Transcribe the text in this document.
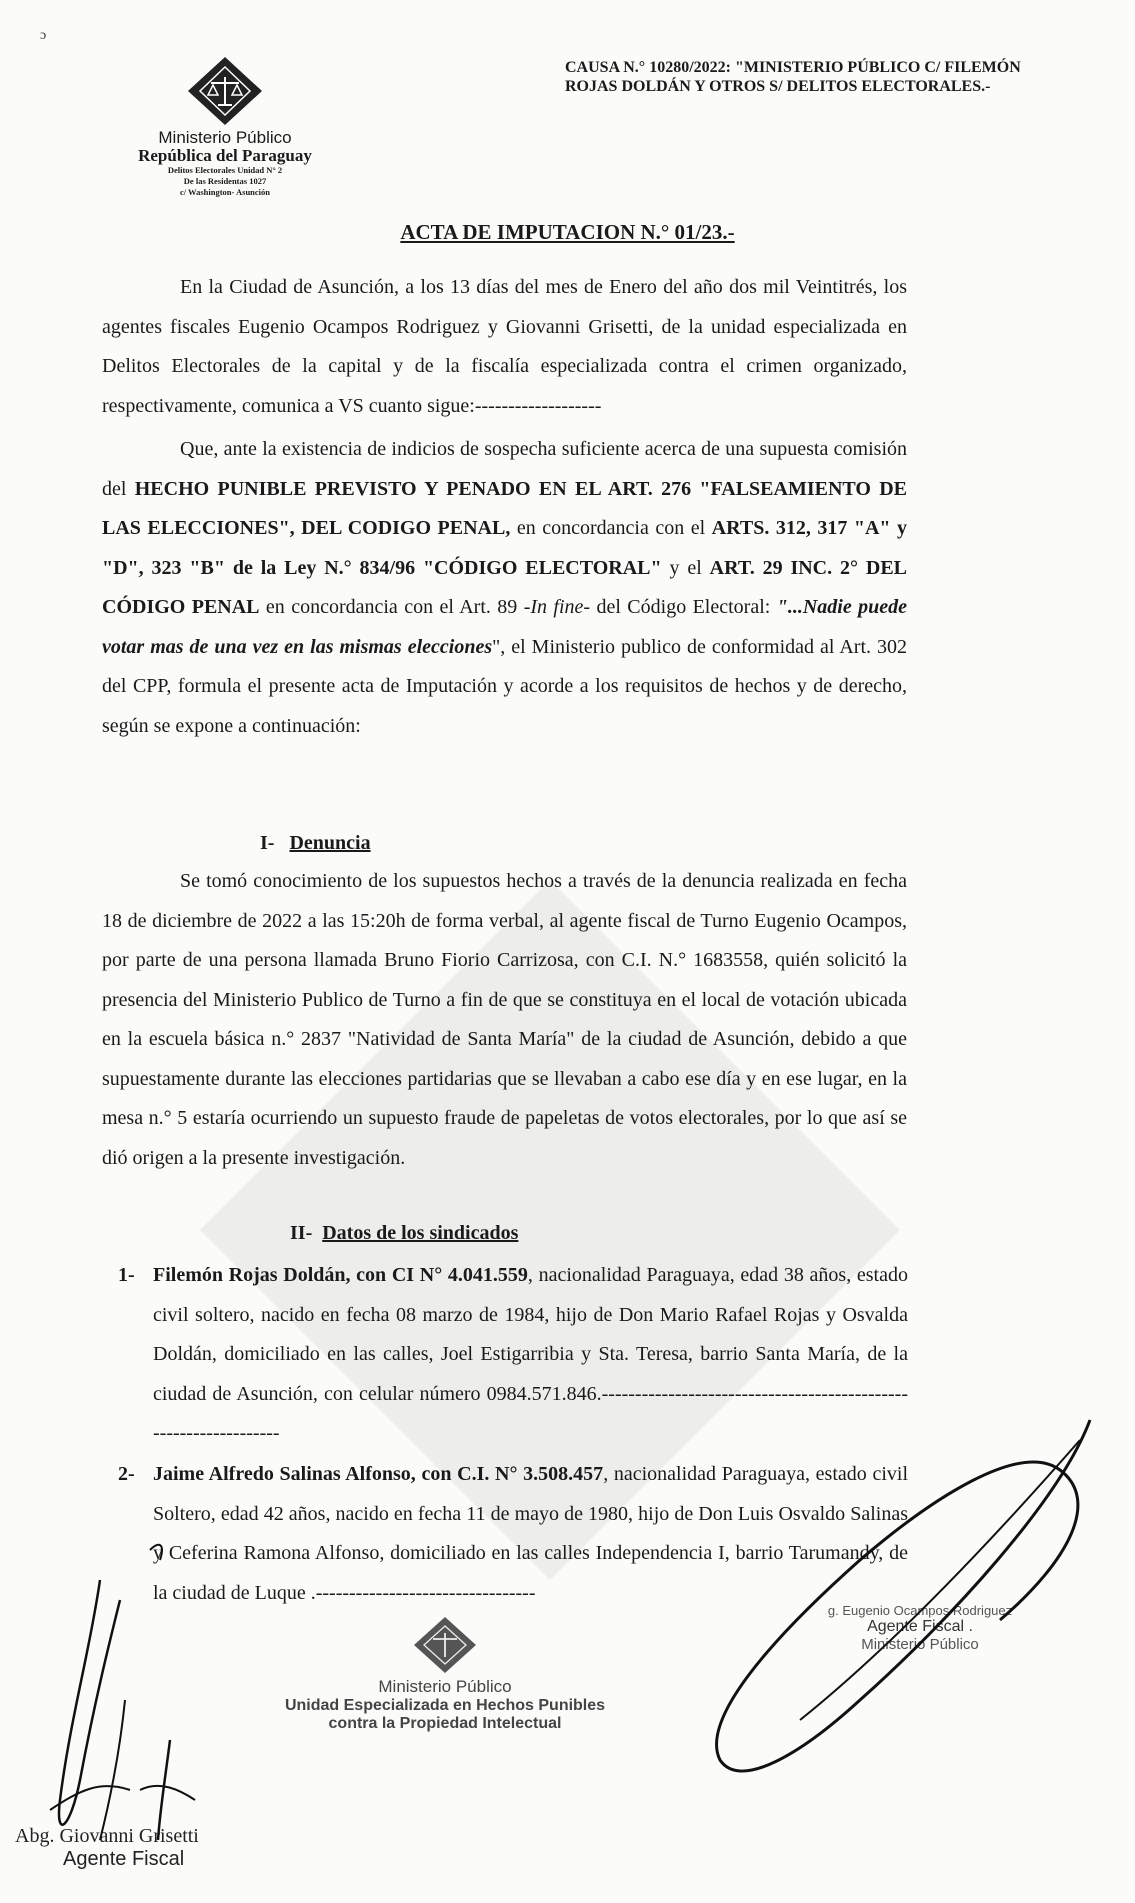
ɔ
Ministerio Público
República del Paraguay
Delitos Electorales Unidad N° 2
De las Residentas 1027
c/ Washington- Asunción
CAUSA N.° 10280/2022: "MINISTERIO PÚBLICO C/ FILEMÓN ROJAS DOLDÁN Y OTROS S/ DELITOS ELECTORALES.-
ACTA DE IMPUTACION N.° 01/23.-

En la Ciudad de Asunción, a los 13 días del mes de Enero del año dos mil Veintitrés, los agentes fiscales Eugenio Ocampos Rodriguez y Giovanni Grisetti, de la unidad especializada en Delitos Electorales de la capital y de la fiscalía especializada contra el crimen organizado, respectivamente, comunica a VS cuanto sigue:-------------------

Que, ante la existencia de indicios de sospecha suficiente acerca de una supuesta comisión del HECHO PUNIBLE PREVISTO Y PENADO EN EL ART. 276 "FALSEAMIENTO DE LAS ELECCIONES", DEL CODIGO PENAL, en concordancia con el ARTS. 312, 317 "A" y "D", 323 "B" de la Ley N.° 834/96 "CÓDIGO ELECTORAL" y el ART. 29 INC. 2° DEL CÓDIGO PENAL en concordancia con el Art. 89 -In fine- del Código Electoral: "...Nadie puede votar mas de una vez en las mismas elecciones", el Ministerio publico de conformidad al Art. 302 del CPP, formula el presente acta de Imputación y acorde a los requisitos de hechos y de derecho, según se expone a continuación:

I- Denuncia

Se tomó conocimiento de los supuestos hechos a través de la denuncia realizada en fecha 18 de diciembre de 2022 a las 15:20h de forma verbal, al agente fiscal de Turno Eugenio Ocampos, por parte de una persona llamada Bruno Fiorio Carrizosa, con C.I. N.° 1683558, quién solicitó la presencia del Ministerio Publico de Turno a fin de que se constituya en el local de votación ubicada en la escuela básica n.° 2837 "Natividad de Santa María" de la ciudad de Asunción, debido a que supuestamente durante las elecciones partidarias que se llevaban a cabo ese día y en ese lugar, en la mesa n.° 5 estaría ocurriendo un supuesto fraude de papeletas de votos electorales, por lo que así se dió origen a la presente investigación.

II- Datos de los sindicados
1- Filemón Rojas Doldán, con CI N° 4.041.559, nacionalidad Paraguaya, edad 38 años, estado civil soltero, nacido en fecha 08 marzo de 1984, hijo de Don Mario Rafael Rojas y Osvalda Doldán, domiciliado en las calles, Joel Estigarribia y Sta. Teresa, barrio Santa María, de la ciudad de Asunción, con celular número 0984.571.846.-----------------------------------------------------------------
2- Jaime Alfredo Salinas Alfonso, con C.I. N° 3.508.457, nacionalidad Paraguaya, estado civil Soltero, edad 42 años, nacido en fecha 11 de mayo de 1980, hijo de Don Luis Osvaldo Salinas y Ceferina Ramona Alfonso, domiciliado en las calles Independencia I, barrio Tarumandy, de la ciudad de Luque .---------------------------------
Ministerio Público
Unidad Especializada en Hechos Punibles
contra la Propiedad Intelectual
g. Eugenio Ocampos Rodriguez
Agente Fiscal .
Ministerio Público
Abg. Giovanni Grisetti
Agente Fiscal
